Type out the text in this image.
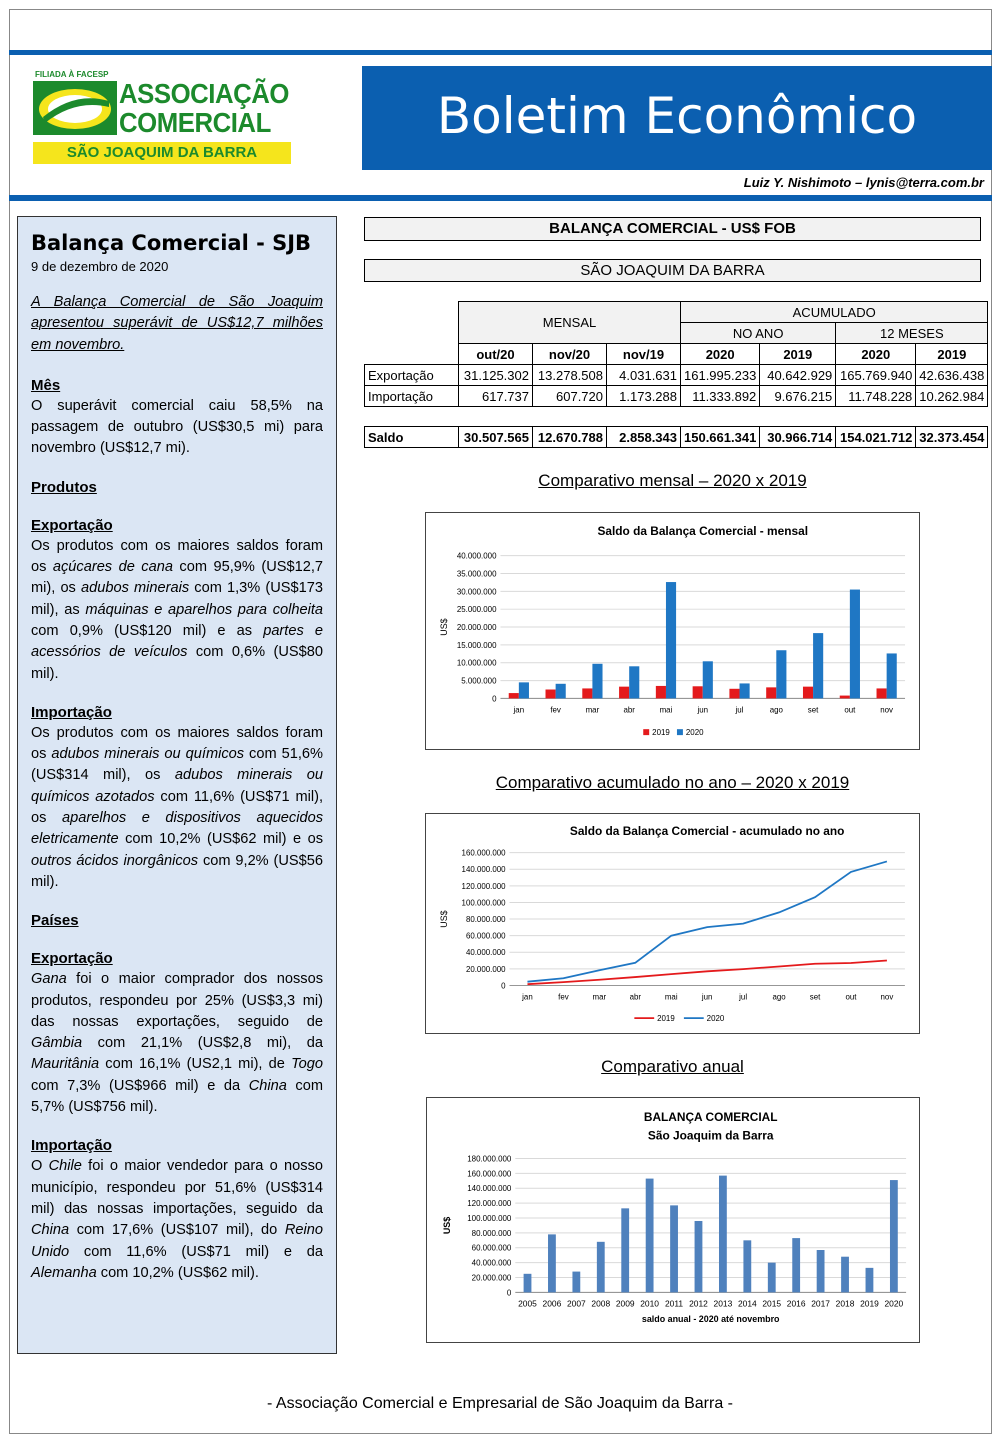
FILIADA À FACESP
ASSOCIAÇÃO
COMERCIAL
SÃO JOAQUIM DA BARRA
Boletim Econômico
Luiz Y. Nishimoto – lynis@terra.com.br
Balança Comercial - SJB
9 de dezembro de 2020

A Balança Comercial de São Joaquim apresentou superávit de US$12,7 milhões em novembro.

Mês

O superávit comercial caiu 58,5% na passagem de outubro (US$30,5 mi) para novembro (US$12,7 mi).

Produtos
Exportação

Os produtos com os maiores saldos foram os açúcares de cana com 95,9% (US$12,7 mi), os adubos minerais com 1,3% (US$173 mil), as máquinas e aparelhos para colheita com 0,9% (US$120 mil) e as partes e acessórios de veículos com 0,6% (US$80 mil).

Importação

Os produtos com os maiores saldos foram os adubos minerais ou químicos com 51,6% (US$314 mil), os adubos minerais ou químicos azotados com 11,6% (US$71 mil), os aparelhos e dispositivos aquecidos eletricamente com 10,2% (US$62 mil) e os outros ácidos inorgânicos com 9,2% (US$56 mil).

Países
Exportação

Gana foi o maior comprador dos nossos produtos, respondeu por 25% (US$3,3 mi) das nossas exportações, seguido de Gâmbia com 21,1% (US$2,8 mi), da Mauritânia com 16,1% (US2,1 mi), de Togo com 7,3% (US$966 mil) e da China com 5,7% (US$756 mil).

Importação

O Chile foi o maior vendedor para o nosso município, respondeu por 51,6% (US$314 mil) das nossas importações, seguido da China com 17,6% (US$107 mil), do Reino Unido com 11,6% (US$71 mil) e da Alemanha com 10,2% (US$62 mil).

BALANÇA COMERCIAL - US$ FOB
SÃO JOAQUIM DA BARRA
	MENSAL			ACUMULADO			
				NO ANO		12 MESES	
	out/20	nov/20	nov/19	2020	2019	2020	2019
Exportação	31.125.302	13.278.508	4.031.631	161.995.233	40.642.929	165.769.940	42.636.438
Importação	617.737	607.720	1.173.288	11.333.892	9.676.215	11.748.228	10.262.984
Saldo	30.507.565	12.670.788	2.858.343	150.661.341	30.966.714	154.021.712	32.373.454
Comparativo mensal – 2020 x 2019
Saldo da Balança Comercial - mensal
0
5.000.000
10.000.000
15.000.000
20.000.000
25.000.000
30.000.000
35.000.000
40.000.000
US$
jan	fev	mar	abr	mai	jun	jul	ago	set	out	nov
2019 2020
Comparativo acumulado no ano – 2020 x 2019
Saldo da Balança Comercial - acumulado no ano
0
20.000.000
40.000.000
60.000.000
80.000.000
100.000.000
120.000.000
140.000.000
160.000.000
US$
jan	fev	mar	abr	mai	jun	jul	ago	set	out	nov
2019	2020
Comparativo anual
BALANÇA COMERCIAL
São Joaquim da Barra
0
20.000.000
40.000.000
60.000.000
80.000.000
100.000.000
120.000.000
140.000.000
160.000.000
180.000.000
US$
2005 2006 2007 2008 2009 2010 2011 2012 2013 2014 2015 2016 2017 2018 2019 2020
saldo anual - 2020 até novembro
- Associação Comercial e Empresarial de São Joaquim da Barra -
